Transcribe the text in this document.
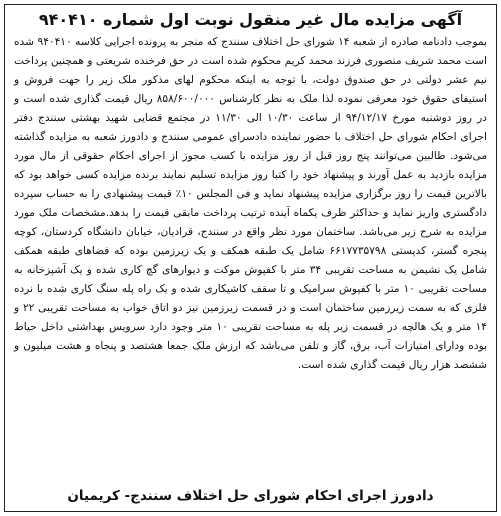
آگهی مزایده مال غیر منقول نوبت اول شماره ۹۴۰۴۱۰

بموجب دادنامه صادره از شعبه ۱۴ شورای حل اختلاف سنندج که منجر به پرونده اجرایی کلاسه ۹۴۰۴۱۰ شده است محمد شریف منصوری فرزند محمد کریم محکوم شده است در حق فرخنده شریعتی و همچنین پرداخت نیم عشر دولتی در حق صندوق دولت، با توجه به اینکه محکوم لهای مذکور ملک زیر را جهت فروش و استیفای حقوق خود معرفی نموده لذا ملک به نظر کارشناس ۸۵۸/۶۰۰/۰۰۰ ریال قیمت گذاری شده است و در روز دوشنبه مورخ ۹۴/۱۲/۱۷ از ساعت ۱۰/۳۰ الی ۱۱/۳۰ در مجتمع قضایی شهید بهشتی سنندج دفتر اجرای احکام شورای حل اختلاف با حضور نماینده دادسرای عمومی سنندج و دادورز شعبه به مزایده گذاشته می‌شود. طالبین می‌توانند پنج روز قبل از روز مزایده با کسب مجوز از اجرای احکام حقوقی از مال مورد مزایده بازدید به عمل آورند و پیشنهاد خود را کتبا روز مزایده تسلیم نمایند برنده مزایده کسی خواهد بود که بالاترین قیمت را روز برگزاری مزایده پیشنهاد نماید و فی المجلس ۱۰٪ قیمت پیشنهادی را به حساب سپرده دادگستری واریز نماید و حداکثر ظرف یکماه آینده ترتیب پرداخت مابقی قیمت را بدهد.مشخصات ملک مورد مزایده به شرح زیر می‌باشد. ساختمان مورد نظر واقع در سنندج، قرادیان، خیابان دانشگاه کردستان، کوچه پنجره گستر، کدپستی ۶۶۱۷۷۳۵۷۹۸ شامل یک طبقه همکف و یک زیرزمین بوده که فضاهای طبقه همکف شامل یک نشیمن به مساحت تقریبی ۳۴ متر با کفپوش موکت و دیوارهای گچ کاری شده و یک آشپزخانه به مساحت تقریبی ۱۰ متر با کفپوش سرامیک و تا سقف کاشیکاری شده و یک راه پله سنگ کاری شده با نرده فلزی که به سمت زیرزمین ساختمان است و در قسمت زیرزمین نیز دو اتاق خواب به مساحت تقریبی ۲۲ و ۱۴ متر و یک هالچه در قسمت زیر پله به مساحت تقریبی ۱۰ متر وجود دارد سرویس بهداشتی داخل حیاط بوده ودارای امتیازات آب، برق، گاز و تلفن می‌باشد که ارزش ملک جمعا هشتصد و پنجاه و هشت میلیون و ششصد هزار ریال قیمت گذاری شده است.

دادورز اجرای احکام شورای حل اختلاف سنندج- کریمیان
